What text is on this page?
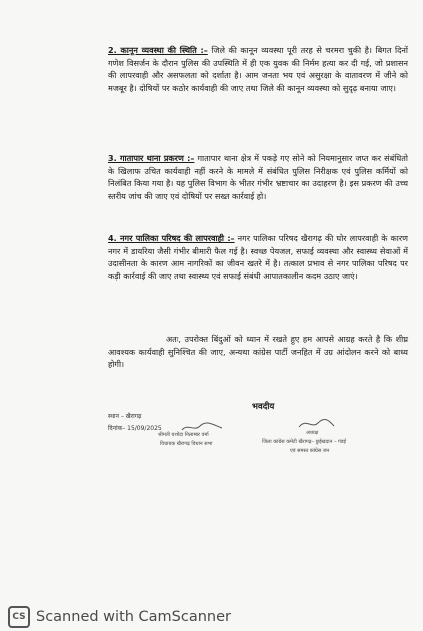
2. कानून व्यवस्था की स्थिति :– जिले की कानून व्यवस्था पूरी तरह से चरमरा चुकी है। बिगत दिनों गणेश विसर्जन के दौरान पुलिस की उपस्थिति में ही एक युवक की निर्मम हत्या कर दी गई, जो प्रशासन की लापरवाही और असफलता को दर्शाता है। आम जनता भय एवं असुरक्षा के वातावरण में जीने को मजबूर है। दोषियों पर कठोर कार्यवाही की जाए तथा जिले की कानून व्यवस्था को सुदृढ़ बनाया जाए।

3. गातापार थाना प्रकरण :– गातापार थाना क्षेत्र में पकड़े गए सोने को नियमानुसार जप्त कर संबंधितो के खिलाफ उचित कार्यवाही नहीं करने के मामले में संबंधित पुलिस निरीक्षक एवं पुलिस कर्मियों को निलंबित किया गया है। यह पुलिस विभाग के भीतर गंभीर भ्रष्टाचार का उदाहरण है। इस प्रकरण की उच्च स्तरीय जांच की जाए एवं दोषियों पर सख्त कार्रवाई हो।

4. नगर पालिका परिषद की लापरवाही :– नगर पालिका परिषद खैरागढ़ की घोर लापरवाही के कारण नगर में डायरिया जैसी गंभीर बीमारी फैल गई है। स्वच्छ पेयजल, सफाई व्यवस्था और स्वास्थ्य सेवाओं में उदासीनता के कारण आम नागरिकों का जीवन खतरे में है। तत्काल प्रभाव से नगर पालिका परिषद पर कड़ी कार्रवाई की जाए तथा स्वास्थ्य एवं सफाई संबंधी आपातकालीन कदम उठाए जाएं।

अतः, उपरोक्त बिंदुओं को ध्यान में रखते हुए हम आपसे आग्रह करते है कि शीघ्र आवश्यक कार्यवाही सुनिश्चित की जाए, अन्यथा कांग्रेस पार्टी जनहित में उग्र आंदोलन करने को बाध्य होगी।

भवदीय
स्थान – खैरागढ़
दिनांक– 15/09/2025
श्रीमती यशोदा निलाम्बर वर्मा
विधायक खैरागढ़ विधान सभा
अध्यक्ष
जिला कांग्रेस कमेटी खैरागढ़– छुईखदान – गंडई
एवं समस्त कांग्रेस जन
CS Scanned with CamScanner
